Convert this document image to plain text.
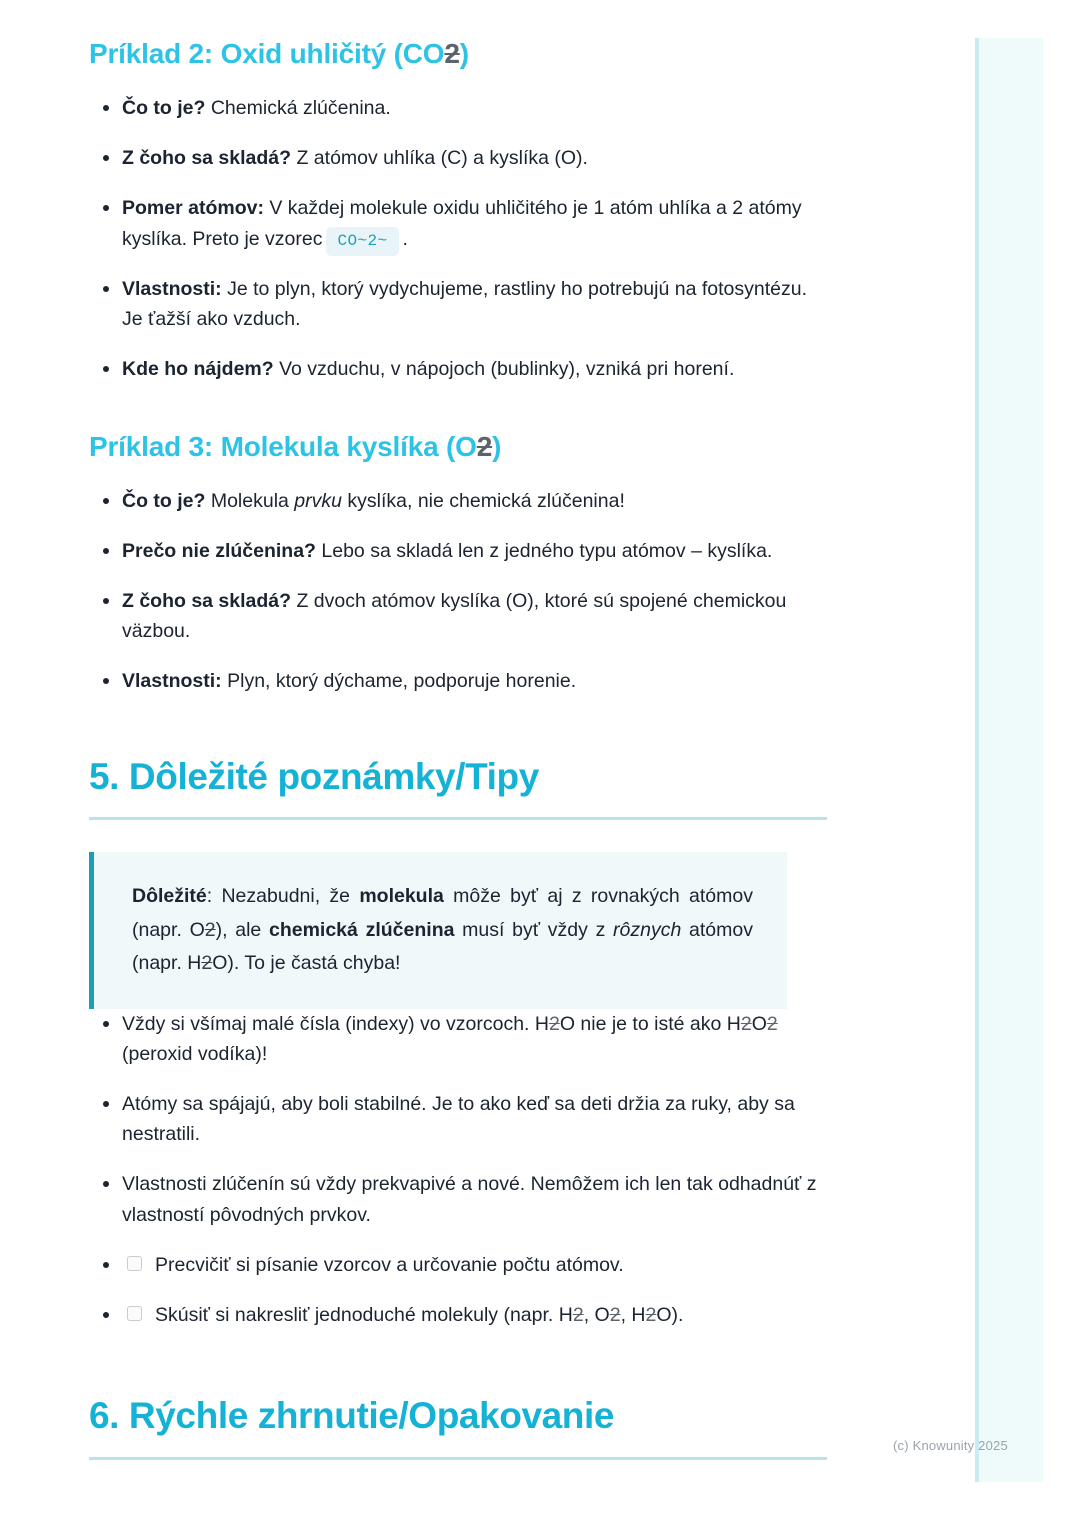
Príklad 2: Oxid uhličitý (CO2)
Čo to je? Chemická zlúčenina.
Z čoho sa skladá? Z atómov uhlíka (C) a kyslíka (O).
Pomer atómov: V každej molekule oxidu uhličitého je 1 atóm uhlíka a 2 atómy kyslíka. Preto je vzorec CO~2~ .
Vlastnosti: Je to plyn, ktorý vydychujeme, rastliny ho potrebujú na fotosyntézu. Je ťažší ako vzduch.
Kde ho nájdem? Vo vzduchu, v nápojoch (bublinky), vzniká pri horení.
Príklad 3: Molekula kyslíka (O2)
Čo to je? Molekula prvku kyslíka, nie chemická zlúčenina!
Prečo nie zlúčenina? Lebo sa skladá len z jedného typu atómov – kyslíka.
Z čoho sa skladá? Z dvoch atómov kyslíka (O), ktoré sú spojené chemickou väzbou.
Vlastnosti: Plyn, ktorý dýchame, podporuje horenie.
5. Dôležité poznámky/Tipy

Dôležité: Nezabudni, že molekula môže byť aj z rovnakých atómov (napr. O2), ale chemická zlúčenina musí byť vždy z rôznych atómov (napr. H2O). To je častá chyba!

Vždy si všímaj malé čísla (indexy) vo vzorcoch. H2O nie je to isté ako H2O2 (peroxid vodíka)!
Atómy sa spájajú, aby boli stabilné. Je to ako keď sa deti držia za ruky, aby sa nestratili.
Vlastnosti zlúčenín sú vždy prekvapivé a nové. Nemôžem ich len tak odhadnúť z vlastností pôvodných prvkov.
Precvičiť si písanie vzorcov a určovanie počtu atómov.
Skúsiť si nakresliť jednoduché molekuly (napr. H2, O2, H2O).
6. Rýchle zhrnutie/Opakovanie
(c) Knowunity 2025
